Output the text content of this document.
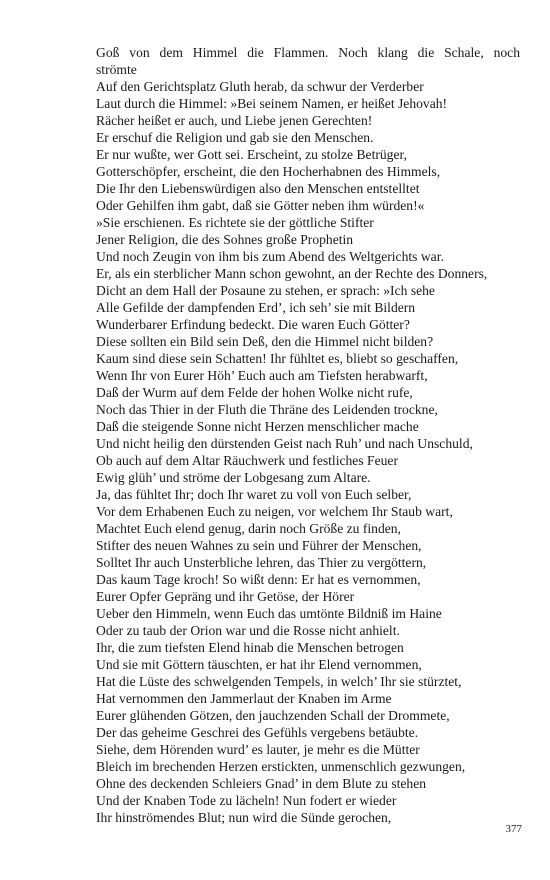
Goß von dem Himmel die Flammen. Noch klang die Schale, noch
strömte
Auf den Gerichtsplatz Gluth herab, da schwur der Verderber
Laut durch die Himmel: »Bei seinem Namen, er heißet Jehovah!
Rächer heißet er auch, und Liebe jenen Gerechten!
Er erschuf die Religion und gab sie den Menschen.
Er nur wußte, wer Gott sei. Erscheint, zu stolze Betrüger,
Gotterschöpfer, erscheint, die den Hocherhabnen des Himmels,
Die Ihr den Liebenswürdigen also den Menschen entstelltet
Oder Gehilfen ihm gabt, daß sie Götter neben ihm würden!«
»Sie erschienen. Es richtete sie der göttliche Stifter
Jener Religion, die des Sohnes große Prophetin
Und noch Zeugin von ihm bis zum Abend des Weltgerichts war.
Er, als ein sterblicher Mann schon gewohnt, an der Rechte des Donners,
Dicht an dem Hall der Posaune zu stehen, er sprach: »Ich sehe
Alle Gefilde der dampfenden Erd’, ich seh’ sie mit Bildern
Wunderbarer Erfindung bedeckt. Die waren Euch Götter?
Diese sollten ein Bild sein Deß, den die Himmel nicht bilden?
Kaum sind diese sein Schatten! Ihr fühltet es, bliebt so geschaffen,
Wenn Ihr von Eurer Höh’ Euch auch am Tiefsten herabwarft,
Daß der Wurm auf dem Felde der hohen Wolke nicht rufe,
Noch das Thier in der Fluth die Thräne des Leidenden trockne,
Daß die steigende Sonne nicht Herzen menschlicher mache
Und nicht heilig den dürstenden Geist nach Ruh’ und nach Unschuld,
Ob auch auf dem Altar Räuchwerk und festliches Feuer
Ewig glüh’ und ströme der Lobgesang zum Altare.
Ja, das fühltet Ihr; doch Ihr waret zu voll von Euch selber,
Vor dem Erhabenen Euch zu neigen, vor welchem Ihr Staub wart,
Machtet Euch elend genug, darin noch Größe zu finden,
Stifter des neuen Wahnes zu sein und Führer der Menschen,
Solltet Ihr auch Unsterbliche lehren, das Thier zu vergöttern,
Das kaum Tage kroch! So wißt denn: Er hat es vernommen,
Eurer Opfer Gepräng und ihr Getöse, der Hörer
Ueber den Himmeln, wenn Euch das umtönte Bildniß im Haine
Oder zu taub der Orion war und die Rosse nicht anhielt.
Ihr, die zum tiefsten Elend hinab die Menschen betrogen
Und sie mit Göttern täuschten, er hat ihr Elend vernommen,
Hat die Lüste des schwelgenden Tempels, in welch’ Ihr sie stürztet,
Hat vernommen den Jammerlaut der Knaben im Arme
Eurer glühenden Götzen, den jauchzenden Schall der Drommete,
Der das geheime Geschrei des Gefühls vergebens betäubte.
Siehe, dem Hörenden wurd’ es lauter, je mehr es die Mütter
Bleich im brechenden Herzen erstickten, unmenschlich gezwungen,
Ohne des deckenden Schleiers Gnad’ in dem Blute zu stehen
Und der Knaben Tode zu lächeln! Nun fodert er wieder
Ihr hinströmendes Blut; nun wird die Sünde gerochen,
377
